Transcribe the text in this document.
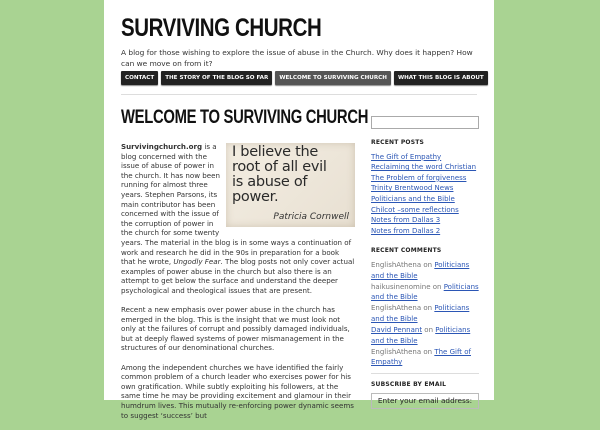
SURVIVING CHURCH

A blog for those wishing to explore the issue of abuse in the Church. Why does it happen? How can we move on from it?

CONTACT	THE STORY OF THE BLOG SO FAR	WELCOME TO SURVIVING CHURCH	WHAT THIS BLOG IS ABOUT
WELCOME TO SURVIVING CHURCH
I believe the
root of all evil
is abuse of
power.
Patricia Cornwell

Survivingchurch.org is a blog concerned with the issue of abuse of power in the church. It has now been running for almost three years. Stephen Parsons, its main contributor has been concerned with the issue of the corruption of power in the church for some twenty years. The material in the blog is in some ways a continuation of work and research he did in the 90s in preparation for a book that he wrote, Ungodly Fear. The blog posts not only cover actual examples of power abuse in the church but also there is an attempt to get below the surface and understand the deeper psychological and theological issues that are present.

Recent a new emphasis over power abuse in the church has emerged in the blog. This is the insight that we must look not only at the failures of corrupt and possibly damaged individuals, but at deeply flawed systems of power mismanagement in the structures of our denominational churches.

Among the independent churches we have identified the fairly common problem of a church leader who exercises power for his own gratification. While subtly exploiting his followers, at the same time he may be providing excitement and glamour in their humdrum lives. This mutually re-enforcing power dynamic seems to suggest ‘success’ but

RECENT POSTS
The Gift of Empathy
Reclaiming the word Christian
The Problem of forgiveness
Trinity Brentwood News
Politicians and the Bible
Chilcot –some reflections
Notes from Dallas 3
Notes from Dallas 2
RECENT COMMENTS
EnglishAthena on Politicians and the Bible
haikusinenomine on Politicians and the Bible
EnglishAthena on Politicians and the Bible
David Pennant on Politicians and the Bible
EnglishAthena on The Gift of Empathy
SUBSCRIBE BY EMAIL
Enter your email address:
